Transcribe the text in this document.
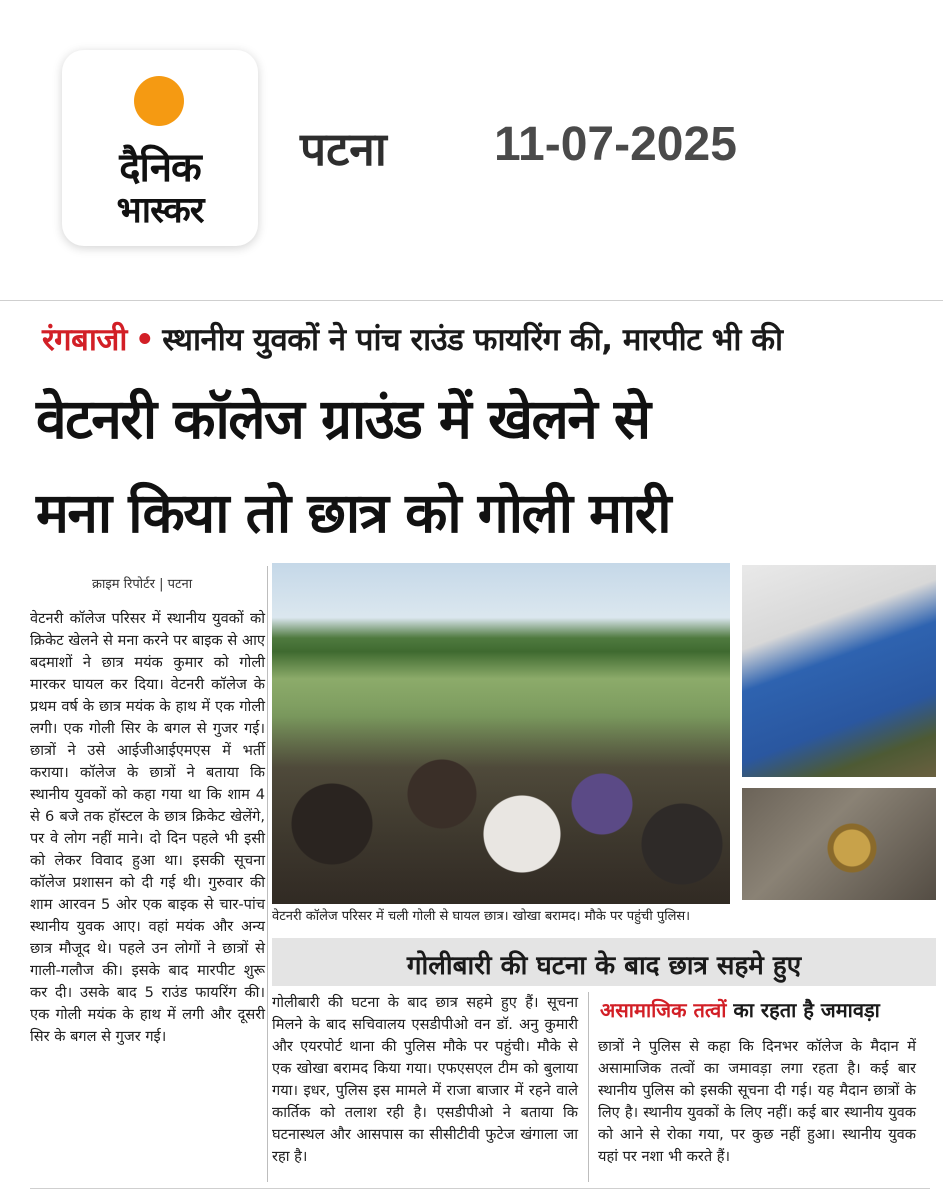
दैनिक
भास्कर
पटना 11-07-2025
रंगबाजी • स्थानीय युवकों ने पांच राउंड फायरिंग की, मारपीट भी की
वेटनरी कॉलेज ग्राउंड में खेलने से
मना किया तो छात्र को गोली मारी
क्राइम रिपोर्टर | पटना
वेटनरी कॉलेज परिसर में स्थानीय युवकों को क्रिकेट खेलने से मना करने पर बाइक से आए बदमाशों ने छात्र मयंक कुमार को गोली मारकर घायल कर दिया। वेटनरी कॉलेज के प्रथम वर्ष के छात्र मयंक के हाथ में एक गोली लगी। एक गोली सिर के बगल से गुजर गई। छात्रों ने उसे आईजीआईएमएस में भर्ती कराया। कॉलेज के छात्रों ने बताया कि स्थानीय युवकों को कहा गया था कि शाम 4 से 6 बजे तक हॉस्टल के छात्र क्रिकेट खेलेंगे, पर वे लोग नहीं माने। दो दिन पहले भी इसी को लेकर विवाद हुआ था। इसकी सूचना कॉलेज प्रशासन को दी गई थी। गुरुवार की शाम आरवन 5 ओर एक बाइक से चार-पांच स्थानीय युवक आए। वहां मयंक और अन्य छात्र मौजूद थे। पहले उन लोगों ने छात्रों से गाली-गलौज की। इसके बाद मारपीट शुरू कर दी। उसके बाद 5 राउंड फायरिंग की। एक गोली मयंक के हाथ में लगी और दूसरी सिर के बगल से गुजर गई।
वेटनरी कॉलेज परिसर में चली गोली से घायल छात्र। खोखा बरामद। मौके पर पहुंची पुलिस।
गोलीबारी की घटना के बाद छात्र सहमे हुए
गोलीबारी की घटना के बाद छात्र सहमे हुए हैं। सूचना मिलने के बाद सचिवालय एसडीपीओ वन डॉ. अनु कुमारी और एयरपोर्ट थाना की पुलिस मौके पर पहुंची। मौके से एक खोखा बरामद किया गया। एफएसएल टीम को बुलाया गया। इधर, पुलिस इस मामले में राजा बाजार में रहने वाले कार्तिक को तलाश रही है। एसडीपीओ ने बताया कि घटनास्थल और आसपास का सीसीटीवी फुटेज खंगाला जा रहा है।
असामाजिक तत्वों का रहता है जमावड़ा
छात्रों ने पुलिस से कहा कि दिनभर कॉलेज के मैदान में असामाजिक तत्वों का जमावड़ा लगा रहता है। कई बार स्थानीय पुलिस को इसकी सूचना दी गई। यह मैदान छात्रों के लिए है। स्थानीय युवकों के लिए नहीं। कई बार स्थानीय युवक को आने से रोका गया, पर कुछ नहीं हुआ। स्थानीय युवक यहां पर नशा भी करते हैं।
